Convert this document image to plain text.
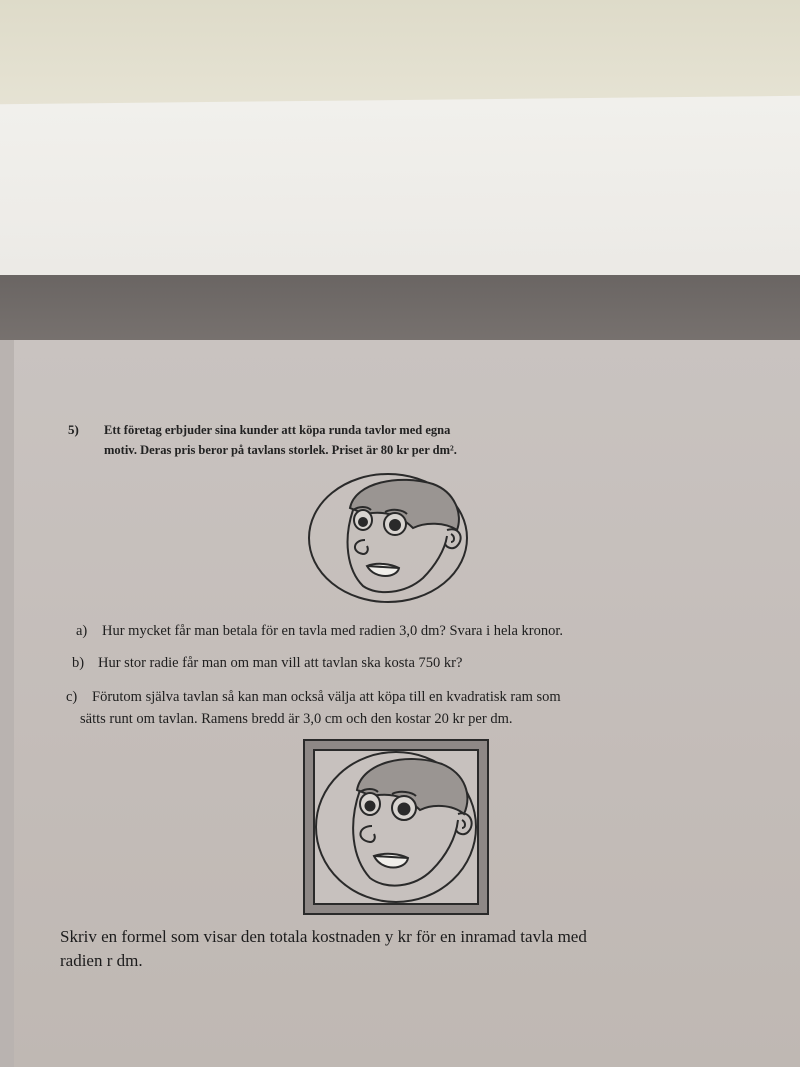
5) Ett företag erbjuder sina kunder att köpa runda tavlor med egna
motiv. Deras pris beror på tavlans storlek. Priset är 80 kr per dm².
a) Hur mycket får man betala för en tavla med radien 3,0 dm? Svara i hela kronor.
b) Hur stor radie får man om man vill att tavlan ska kosta 750 kr?
c) Förutom själva tavlan så kan man också välja att köpa till en kvadratisk ram som
sätts runt om tavlan. Ramens bredd är 3,0 cm och den kostar 20 kr per dm.
Skriv en formel som visar den totala kostnaden y kr för en inramad tavla med
radien r dm.
